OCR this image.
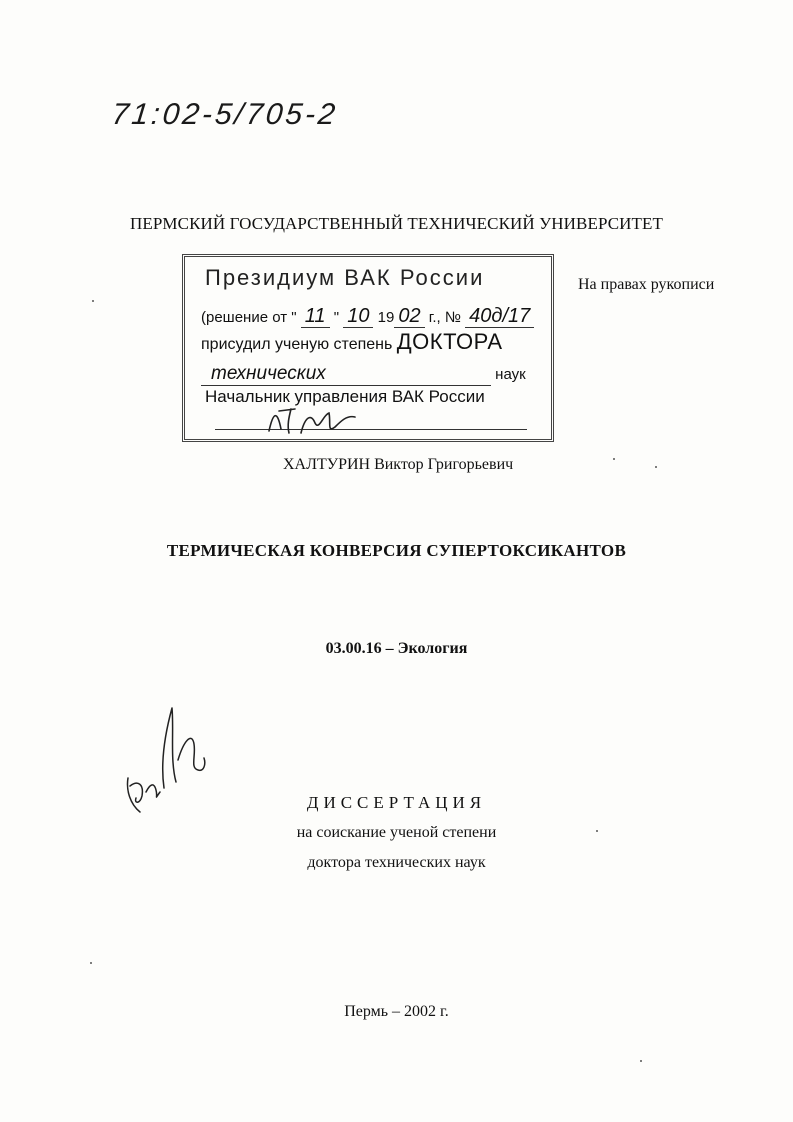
71:02-5/705-2
ПЕРМСКИЙ ГОСУДАРСТВЕННЫЙ ТЕХНИЧЕСКИЙ УНИВЕРСИТЕТ
Президиум ВАК России
(решение от " 11 " 10 19 02 г., № 40д/17
присудил ученую степень ДОКТОРА
технических	наук
Начальник управления ВАК России
На правах рукописи
ХАЛТУРИН Виктор Григорьевич
ТЕРМИЧЕСКАЯ КОНВЕРСИЯ СУПЕРТОКСИКАНТОВ
03.00.16 – Экология
ДИССЕРТАЦИЯ
на соискание ученой степени
доктора технических наук
Пермь – 2002 г.
